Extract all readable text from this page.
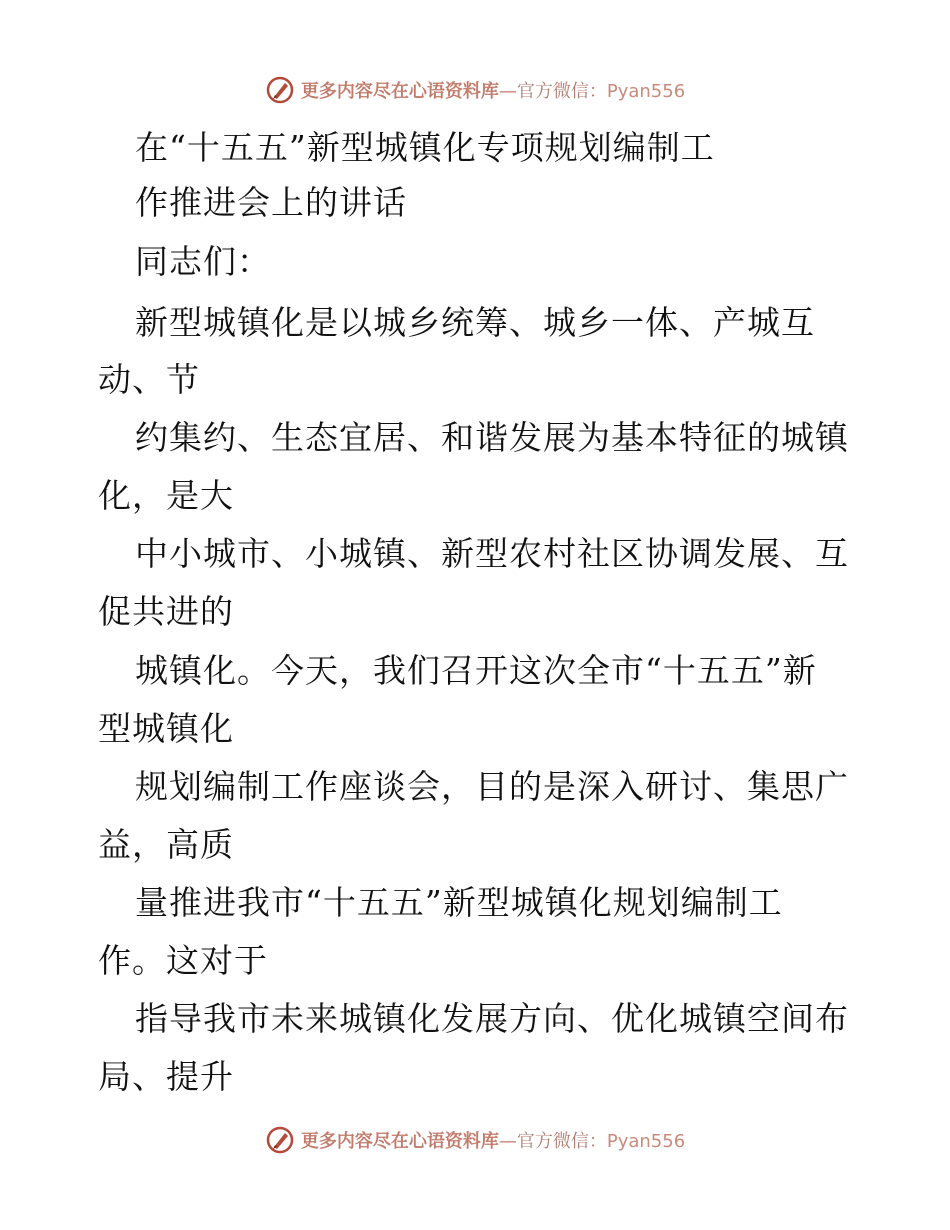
更多内容尽在心语资料库 — 官方微信： Pyan556
在“十五五”新型城镇化专项规划编制工
作推进会上的讲话
同志们：
新型城镇化是以城乡统筹、城乡一体、产城互
动、节
约集约、生态宜居、和谐发展为基本特征的城镇
化，是大
中小城市、小城镇、新型农村社区协调发展、互
促共进的
城镇化。今天，我们召开这次全市“十五五”新
型城镇化
规划编制工作座谈会，目的是深入研讨、集思广
益，高质
量推进我市“十五五”新型城镇化规划编制工
作。这对于
指导我市未来城镇化发展方向、优化城镇空间布
局、提升
更多内容尽在心语资料库 — 官方微信： Pyan556
